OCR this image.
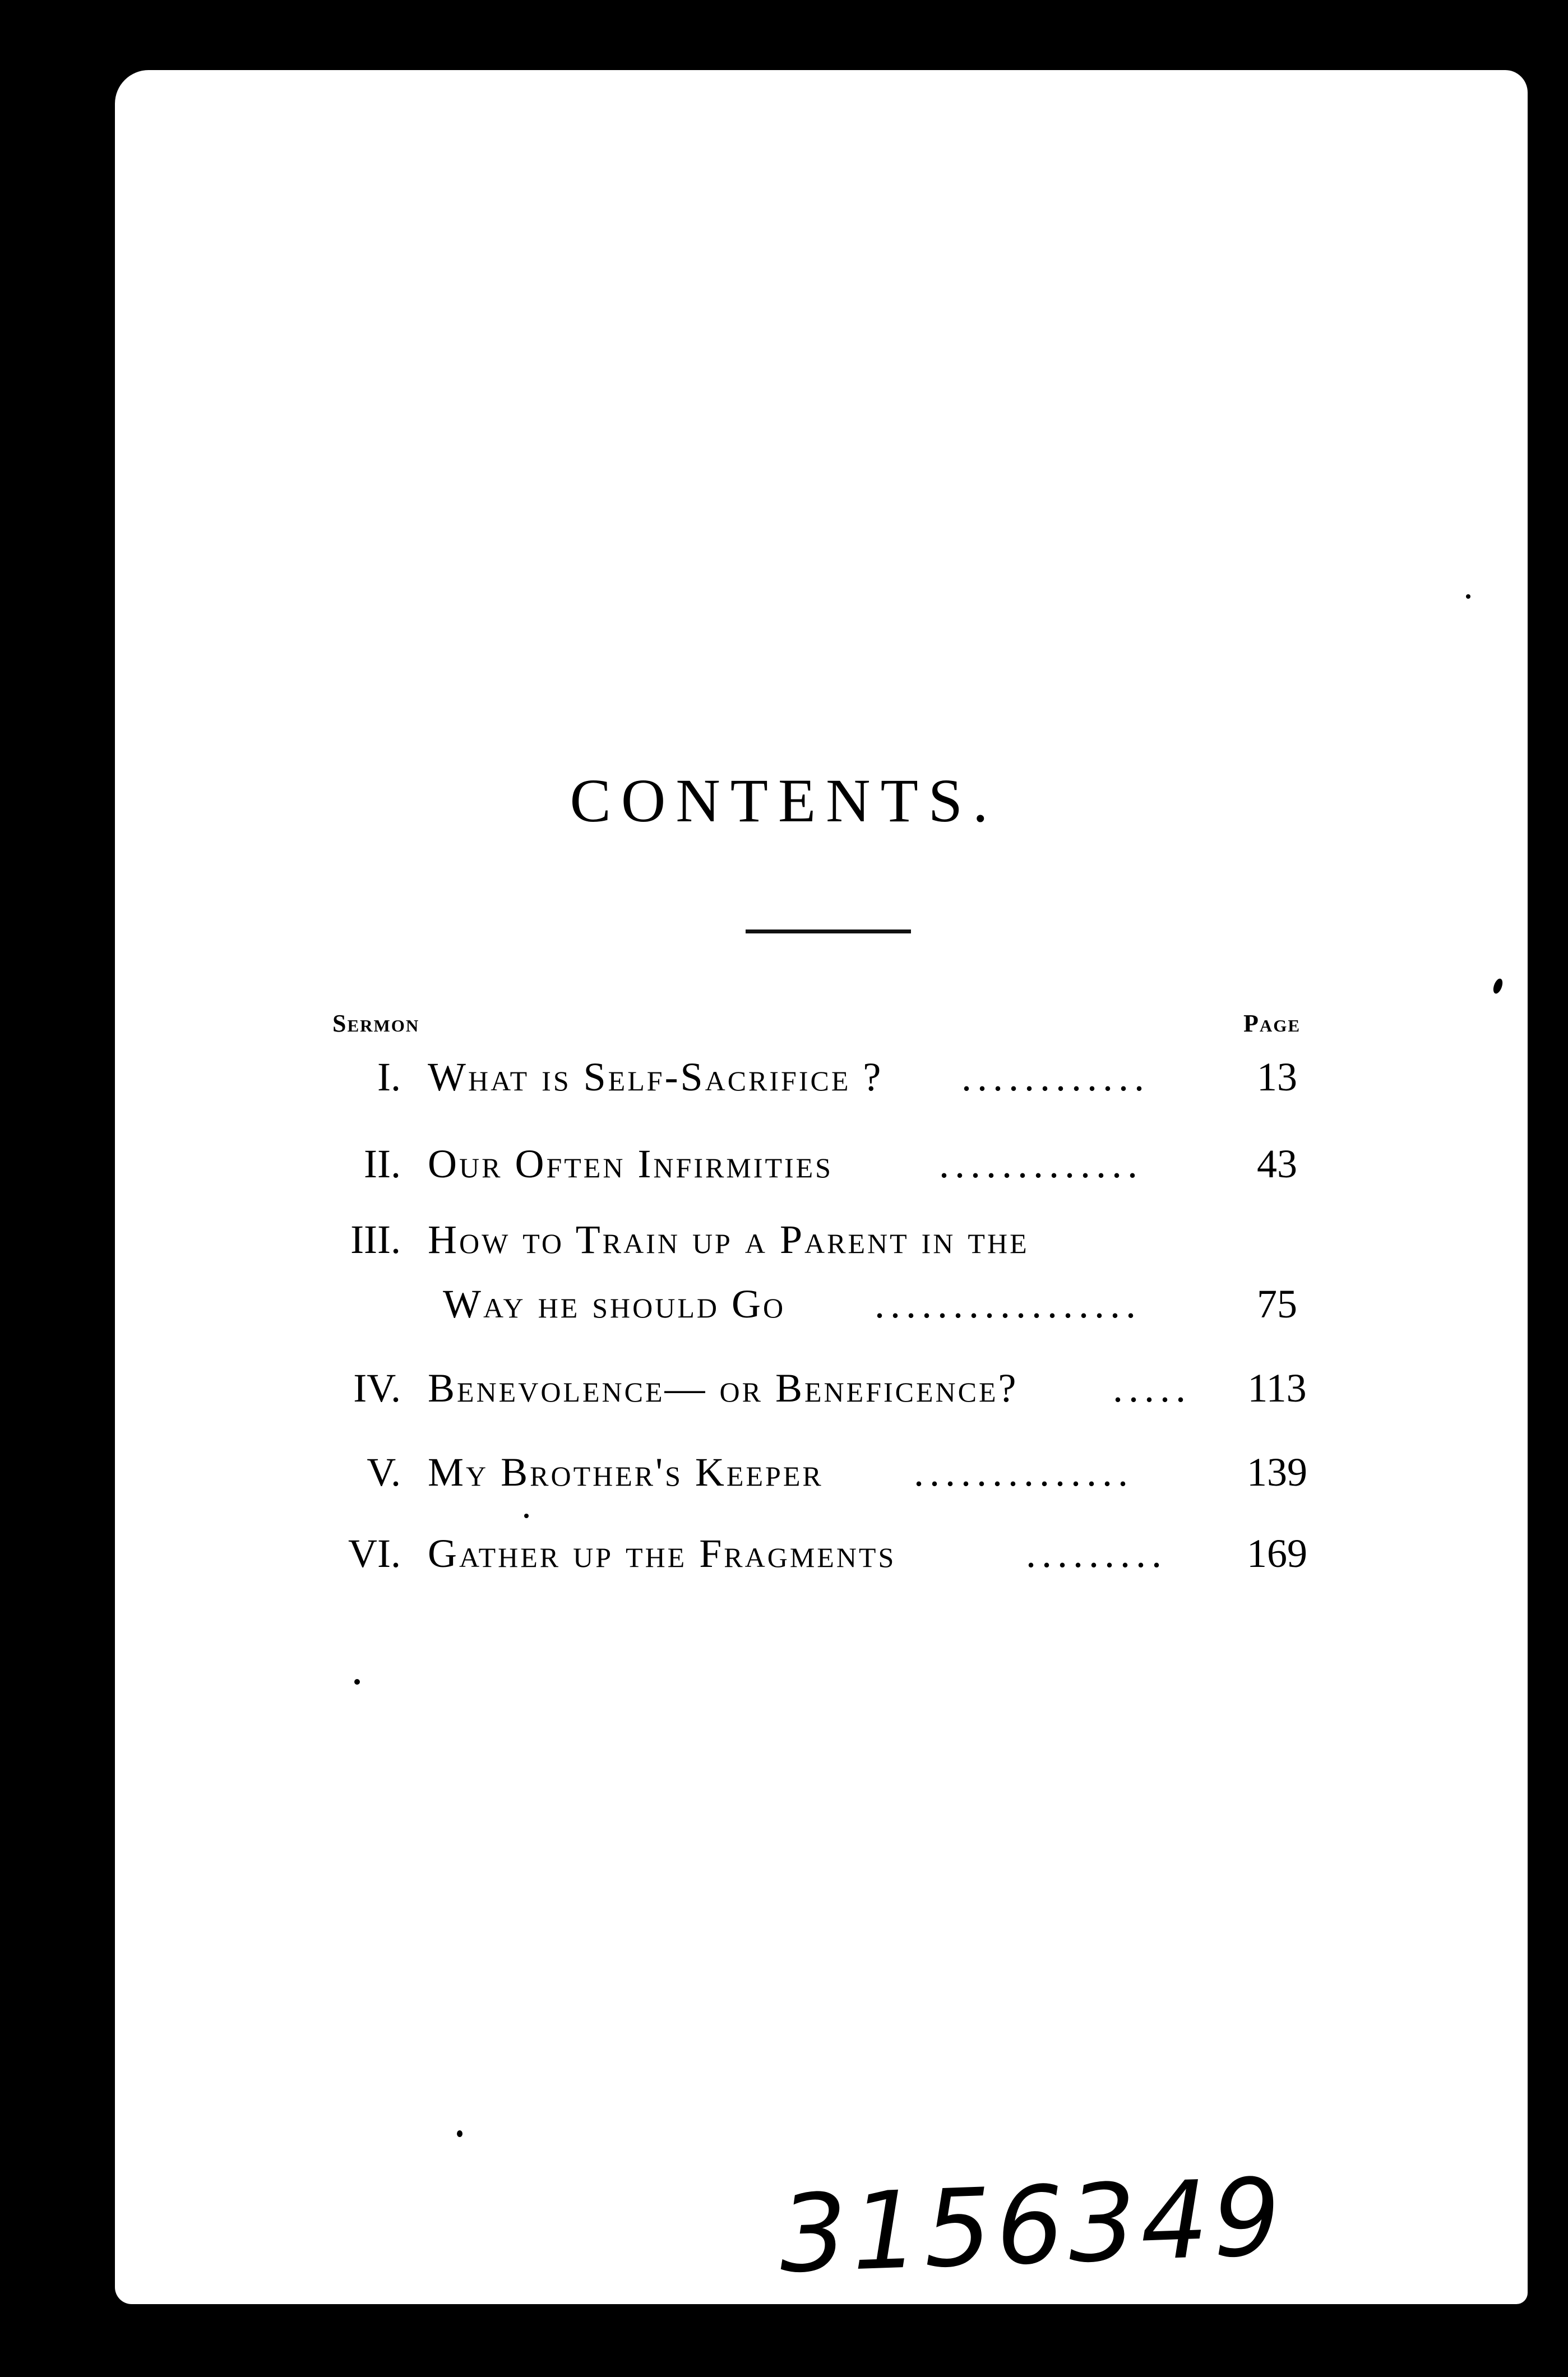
CONTENTS.
Sermon	Page
I. What is Self-Sacrifice ? ............	13
II. Our Often Infirmities	.............	43
III. How to Train up a Parent in the
Way he should Go .................	75
IV. Benevolence— or Beneficence? ..... 113
V. My Brother's Keeper ..............	139
VI. Gather up the Fragments	......... 169
3156349
